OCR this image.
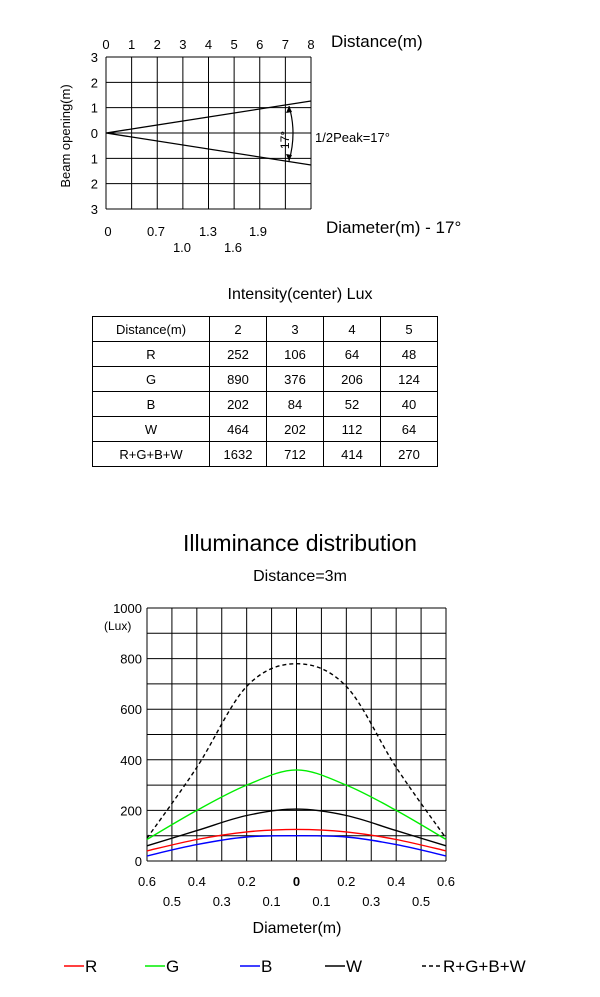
0 1 2 3 4 5 6 7 8
3
2
1
0
1
2
3
17° 1/2Peak=17°
Distance(m)
Beam opening(m)
Diameter(m) - 17°
0	0.7	1.3 1.9
1.0	1.6
0
200
400
600
800
1000
0.6 0.4 0.2	0	0.2 0.4 0.6
0.5 0.3 0.1 0.1 0.3 0.5
(Lux)
Diameter(m)
R	G	B	W	R+G+B+W
Intensity(center) Lux
Distance(m)	2	3	4	5
R	252	106	64	48
G	890	376	206	124
B	202	84	52	40
W	464	202	112	64
R+G+B+W	1632	712	414	270
Illuminance distribution
Distance=3m
